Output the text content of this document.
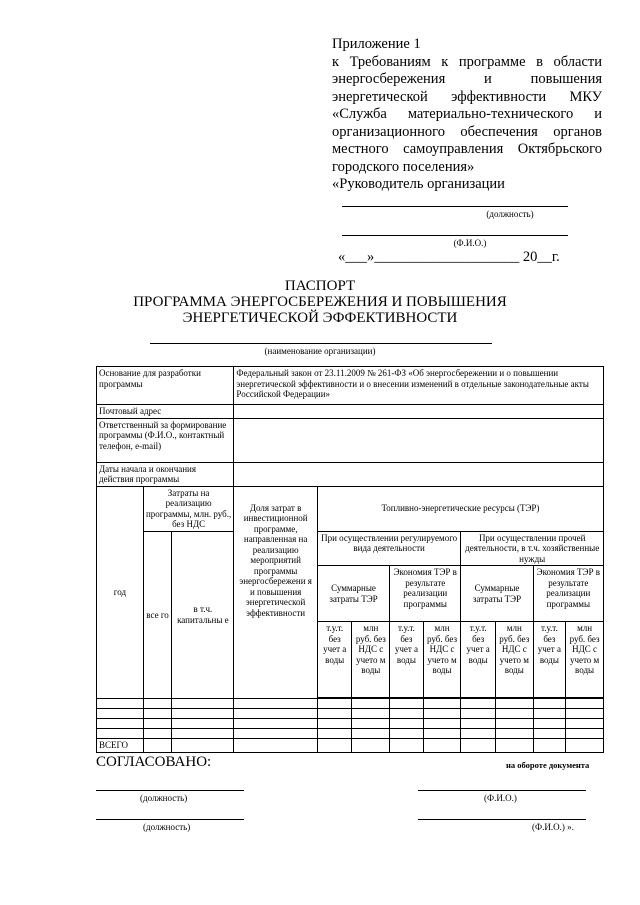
Приложение 1
к Требованиям к программе в области
энергосбережения и повышения
энергетической эффективности МКУ
«Служба материально-технического и
организационного обеспечения органов
местного самоуправления Октябрьского
городского поселения»
«Руководитель организации
(должность)
(Ф.И.О.)
«___»____________________ 20__г.
ПАСПОРТ
ПРОГРАММА ЭНЕРГОСБЕРЕЖЕНИЯ И ПОВЫШЕНИЯ
ЭНЕРГЕТИЧЕСКОЙ ЭФФЕКТИВНОСТИ
(наименование организации)
Основание для разработки программы			Федеральный закон от 23.11.2009 № 261-ФЗ «Об энергосбережении и о повышении энергетической эффективности и о внесении изменений в отдельные законодательные акты Российской Федерации»								
Почтовый адрес											
Ответственный за формирование программы (Ф.И.О., контактный телефон, e-mail)											
Даты начала и окончания действия программы											
год	Затраты на реализацию программы, млн. руб., без НДС		Доля затрат в инвестиционной программе, направленная на реализацию мероприятий программы энергосбережени я и повышения энергетической эффективности	Топливно-энергетические ресурсы (ТЭР)							
	все го	в т.ч. капитальны е		При осуществлении регулируемого вида деятельности				При осуществлении прочей деятельности, в т.ч. хозяйственные нужды			
				Суммарные затраты ТЭР		Экономия ТЭР в результате реализации программы		Суммарные затраты ТЭР		Экономия ТЭР в результате реализации программы	
				т.у.т. без учет а воды	млн руб. без НДС с учето м воды	т.у.т. без учет а воды	млн руб. без НДС с учето м воды	т.у.т. без учет а воды	млн руб. без НДС с учето м воды	т.у.т. без учет а воды	млн руб. без НДС с учето м воды

ВСЕГО											
СОГЛАСОВАНО:	на обороте документа
(должность)	(Ф.И.О.)
(должность)	(Ф.И.О.) ».
